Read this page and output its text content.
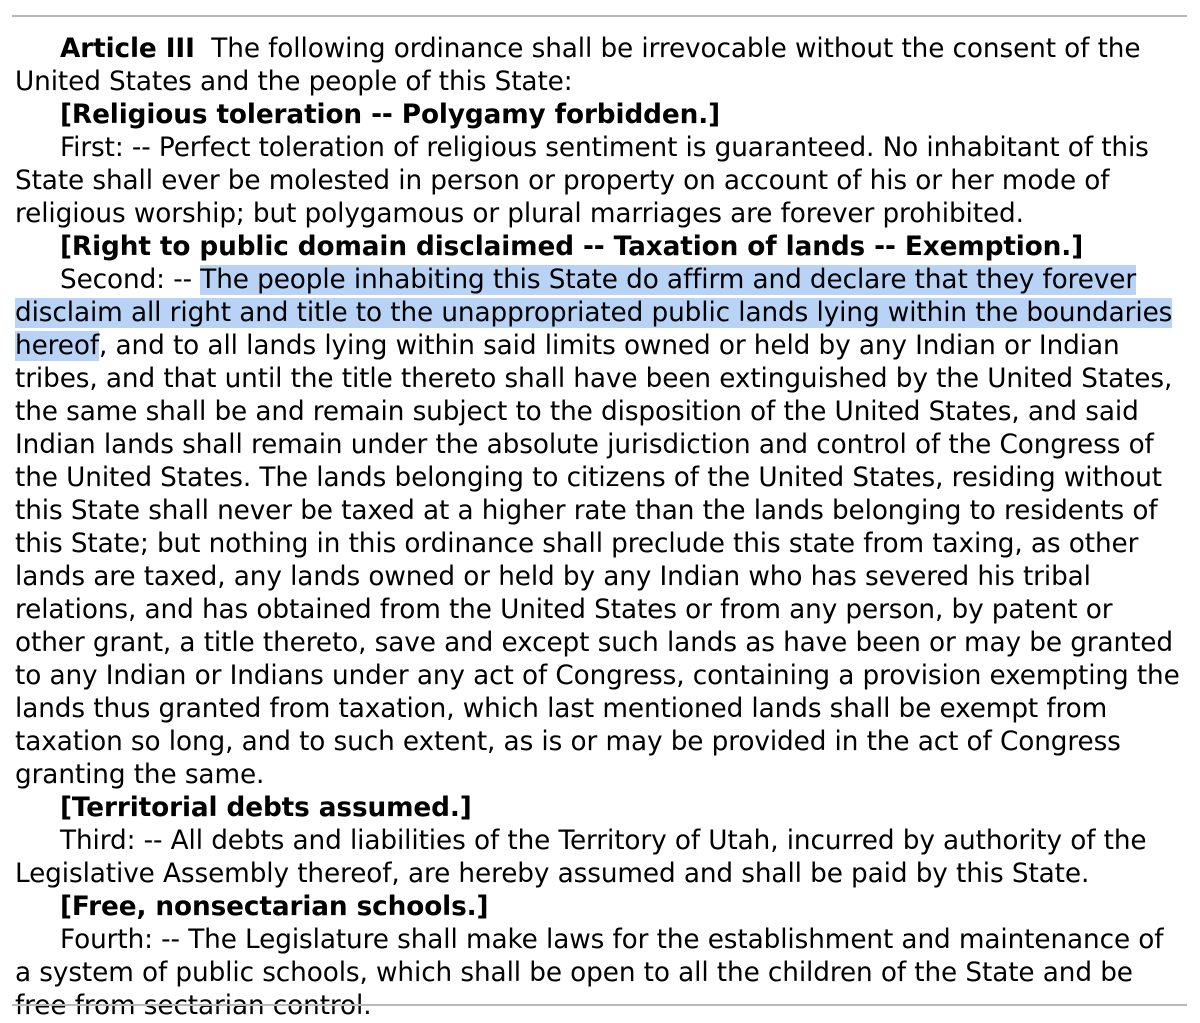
Article III  The following ordinance shall be irrevocable without the consent of the United States and the people of this State:

[Religious toleration -- Polygamy forbidden.]

First: -- Perfect toleration of religious sentiment is guaranteed. No inhabitant of this State shall ever be molested in person or property on account of his or her mode of religious worship; but polygamous or plural marriages are forever prohibited.

[Right to public domain disclaimed -- Taxation of lands -- Exemption.]

Second: -- The people inhabiting this State do affirm and declare that they forever disclaim all right and title to the unappropriated public lands lying within the boundaries hereof, and to all lands lying within said limits owned or held by any Indian or Indian tribes, and that until the title thereto shall have been extinguished by the United States, the same shall be and remain subject to the disposition of the United States, and said Indian lands shall remain under the absolute jurisdiction and control of the Congress of the United States. The lands belonging to citizens of the United States, residing without this State shall never be taxed at a higher rate than the lands belonging to residents of this State; but nothing in this ordinance shall preclude this state from taxing, as other lands are taxed, any lands owned or held by any Indian who has severed his tribal relations, and has obtained from the United States or from any person, by patent or other grant, a title thereto, save and except such lands as have been or may be granted to any Indian or Indians under any act of Congress, containing a provision exempting the lands thus granted from taxation, which last mentioned lands shall be exempt from taxation so long, and to such extent, as is or may be provided in the act of Congress granting the same.

[Territorial debts assumed.]

Third: -- All debts and liabilities of the Territory of Utah, incurred by authority of the Legislative Assembly thereof, are hereby assumed and shall be paid by this State.

[Free, nonsectarian schools.]

Fourth: -- The Legislature shall make laws for the establishment and maintenance of a system of public schools, which shall be open to all the children of the State and be free from sectarian control.
